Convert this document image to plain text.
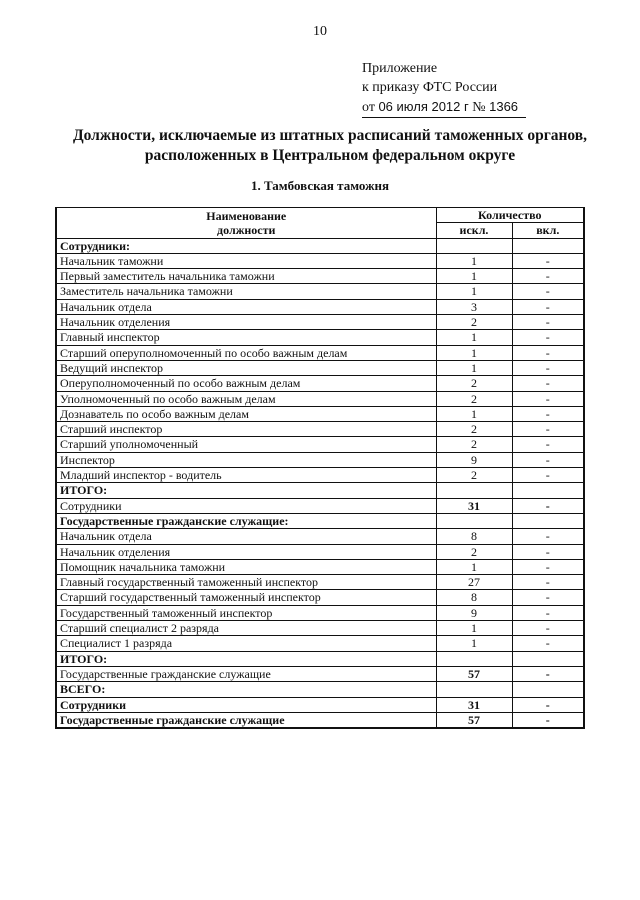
10
Приложение
к приказу ФТС России
от 06 июля 2012 г № 1366
Должности, исключаемые из штатных расписаний таможенных органов,
расположенных в Центральном федеральном округе
1. Тамбовская таможня
Наименование
должности	Количество	
	искл.	вкл.
Сотрудники:		
Начальник таможни	1	-
Первый заместитель начальника таможни	1	-
Заместитель начальника таможни	1	-
Начальник отдела	3	-
Начальник отделения	2	-
Главный инспектор	1	-
Старший оперуполномоченный по особо важным делам	1	-
Ведущий инспектор	1	-
Оперуполномоченный по особо важным делам	2	-
Уполномоченный по особо важным делам	2	-
Дознаватель по особо важным делам	1	-
Старший инспектор	2	-
Старший уполномоченный	2	-
Инспектор	9	-
Младший инспектор - водитель	2	-
ИТОГО:		
Сотрудники	31	-
Государственные гражданские служащие:		
Начальник отдела	8	-
Начальник отделения	2	-
Помощник начальника таможни	1	-
Главный государственный таможенный инспектор	27	-
Старший государственный таможенный инспектор	8	-
Государственный таможенный инспектор	9	-
Старший специалист 2 разряда	1	-
Специалист 1 разряда	1	-
ИТОГО:		
Государственные гражданские служащие	57	-
ВСЕГО:		
Сотрудники	31	-
Государственные гражданские служащие	57	-
